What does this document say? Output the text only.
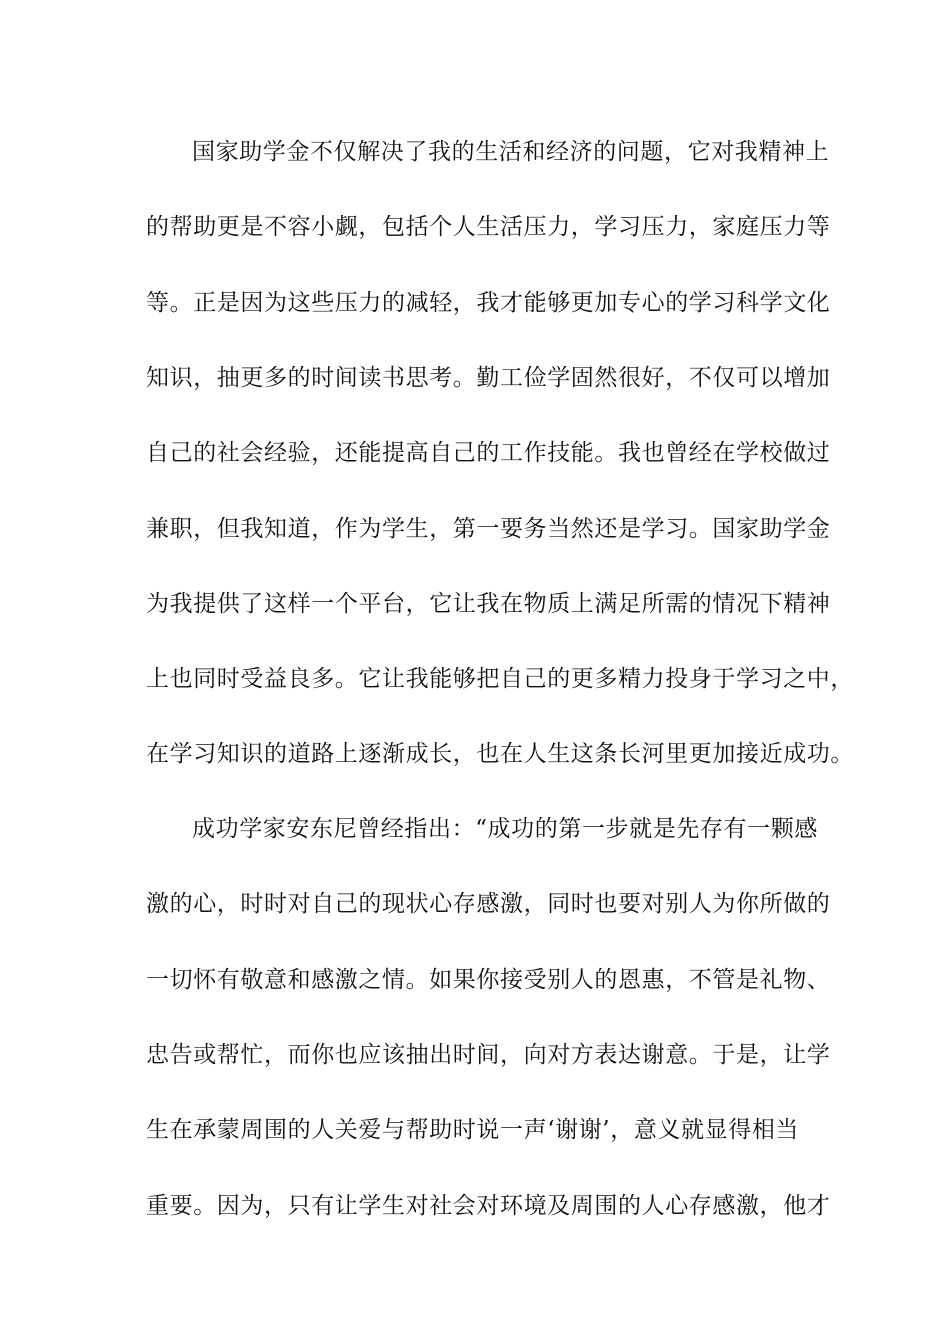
国家助学金不仅解决了我的生活和经济的问题，它对我精神上
的帮助更是不容小觑，包括个人生活压力，学习压力，家庭压力等
等。正是因为这些压力的减轻，我才能够更加专心的学习科学文化
知识，抽更多的时间读书思考。勤工俭学固然很好，不仅可以增加
自己的社会经验，还能提高自己的工作技能。我也曾经在学校做过
兼职，但我知道，作为学生，第一要务当然还是学习。国家助学金
为我提供了这样一个平台，它让我在物质上满足所需的情况下精神
上也同时受益良多。它让我能够把自己的更多精力投身于学习之中，
在学习知识的道路上逐渐成长，也在人生这条长河里更加接近成功。
成功学家安东尼曾经指出：“成功的第一步就是先存有一颗感
激的心，时时对自己的现状心存感激，同时也要对别人为你所做的
一切怀有敬意和感激之情。如果你接受别人的恩惠，不管是礼物、
忠告或帮忙，而你也应该抽出时间，向对方表达谢意。于是，让学
生在承蒙周围的人关爱与帮助时说一声‘谢谢’，意义就显得相当
重要。因为，只有让学生对社会对环境及周围的人心存感激，他才
